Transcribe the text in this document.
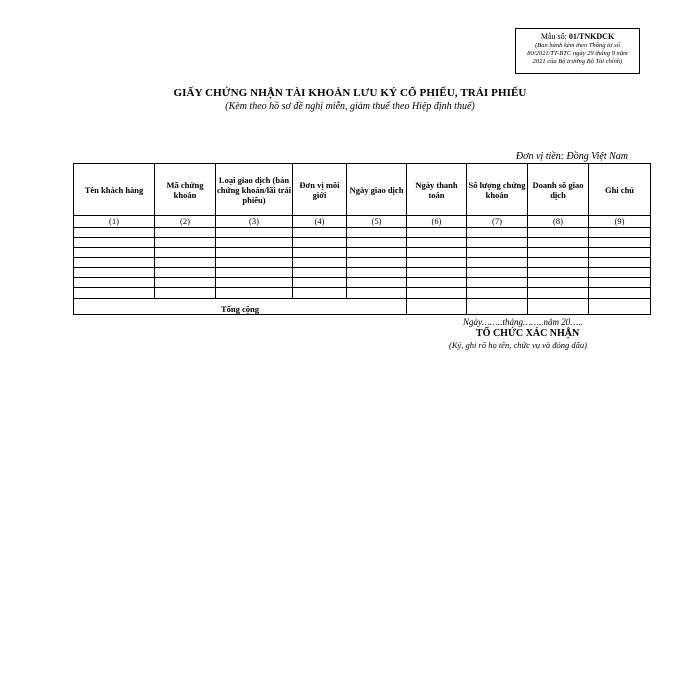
Mẫu số: 01/TNKDCK
(Ban hành kèm theo Thông tư số
80/2021/TT-BTC ngày 29 tháng 9 năm
2021 của Bộ trưởng Bộ Tài chính)
GIẤY CHỨNG NHẬN TÀI KHOẢN LƯU KÝ CỔ PHIẾU, TRÁI PHIẾU
(Kèm theo hồ sơ đề nghị miễn, giảm thuế theo Hiệp định thuế)
Đơn vị tiền: Đồng Việt Nam
Tên khách hàng	Mã chứng khoán	Loại giao dịch (bán chứng khoán/lãi trái phiếu)	Đơn vị môi giới	Ngày giao dịch	Ngày thanh toán	Số lượng chứng khoán	Doanh số giao dịch	Ghi chú
(1)	(2)	(3)	(4)	(5)	(6)	(7)	(8)	(9)

Tổng cộng								
Ngày……..tháng……..năm 20…..
TỔ CHỨC XÁC NHẬN
(Ký, ghi rõ họ tên, chức vụ và đóng dấu)
